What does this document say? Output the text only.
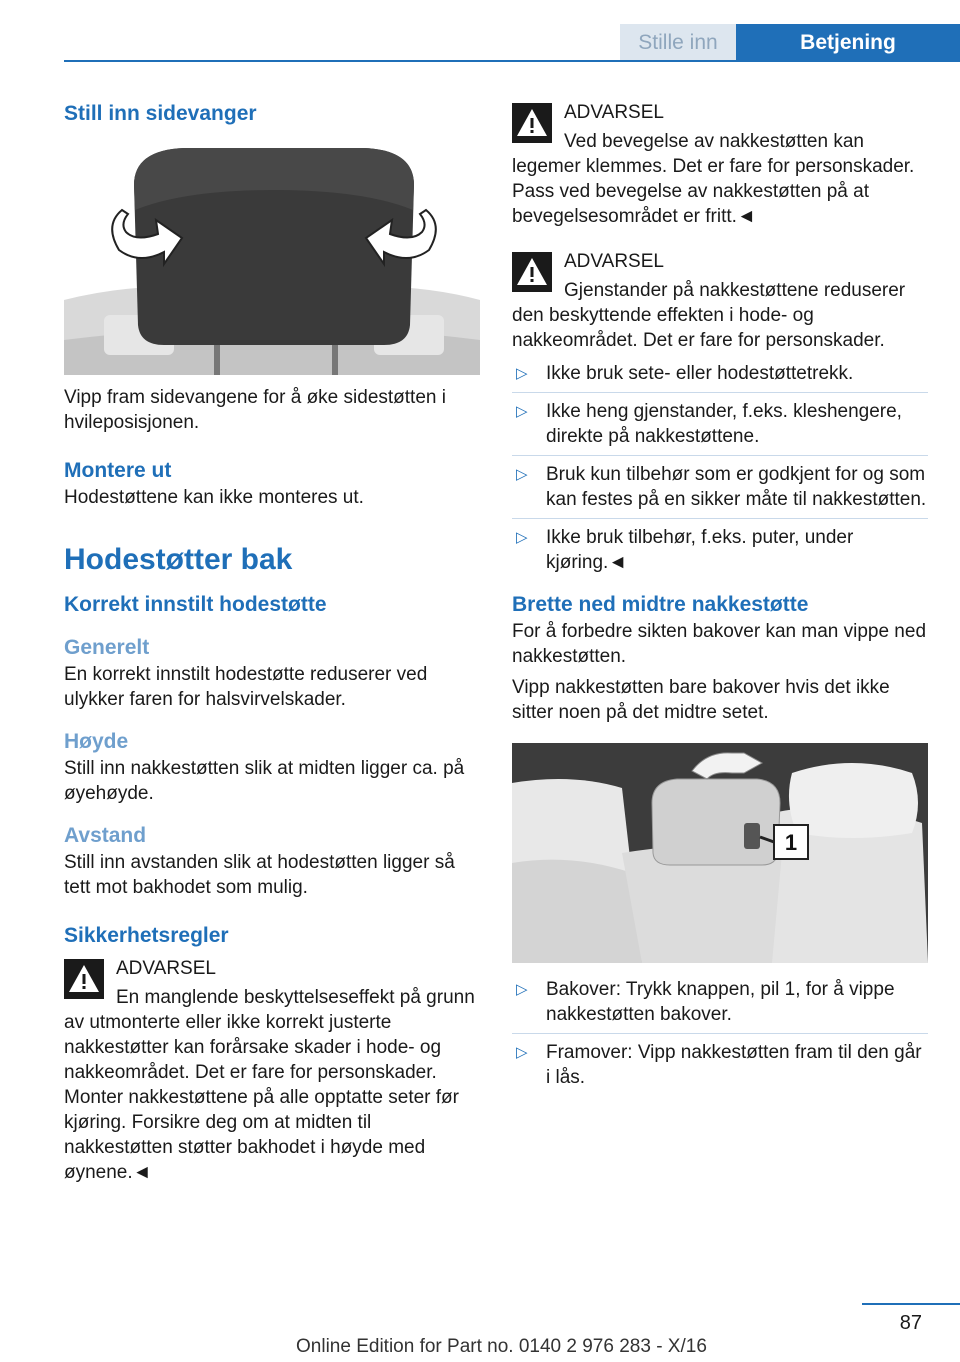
Stille inn	Betjening
Still inn sidevanger

Vipp fram sidevangene for å øke sidestøtten i hvileposisjonen.

Montere ut

Hodestøttene kan ikke monteres ut.

Hodestøtter bak
Korrekt innstilt hodestøtte
Generelt

En korrekt innstilt hodestøtte reduserer ved ulykker faren for halsvirvelskader.

Høyde

Still inn nakkestøtten slik at midten ligger ca. på øyehøyde.

Avstand

Still inn avstanden slik at hodestøtten ligger så tett mot bakhodet som mulig.

Sikkerhetsregler

ADVARSEL

En manglende beskyttelseseffekt på grunn av utmonterte eller ikke korrekt justerte nakkestøtter kan forårsake skader i hode- og nakkeområdet. Det er fare for personskader. Monter nakkestøttene på alle opptatte seter før kjøring. Forsikre deg om at midten til nakkestøtten støtter bakhodet i høyde med øynene.◄

ADVARSEL

Ved bevegelse av nakkestøtten kan legemer klemmes. Det er fare for personskader. Pass ved bevegelse av nakkestøtten på at bevegelsesområdet er fritt.◄

ADVARSEL

Gjenstander på nakkestøttene reduserer den beskyttende effekten i hode- og nakkeområdet. Det er fare for personskader.

▷ Ikke bruk sete- eller hodestøttetrekk.
▷ Ikke heng gjenstander, f.eks. kleshengere, direkte på nakkestøttene.
▷ Bruk kun tilbehør som er godkjent for og som kan festes på en sikker måte til nakkestøtten.
▷ Ikke bruk tilbehør, f.eks. puter, under kjøring.◄
Brette ned midtre nakkestøtte

For å forbedre sikten bakover kan man vippe ned nakkestøtten.

Vipp nakkestøtten bare bakover hvis det ikke sitter noen på det midtre setet.

1
▷ Bakover: Trykk knappen, pil 1, for å vippe nakkestøtten bakover.
▷ Framover: Vipp nakkestøtten fram til den går i lås.
87
Online Edition for Part no. 0140 2 976 283 - X/16
